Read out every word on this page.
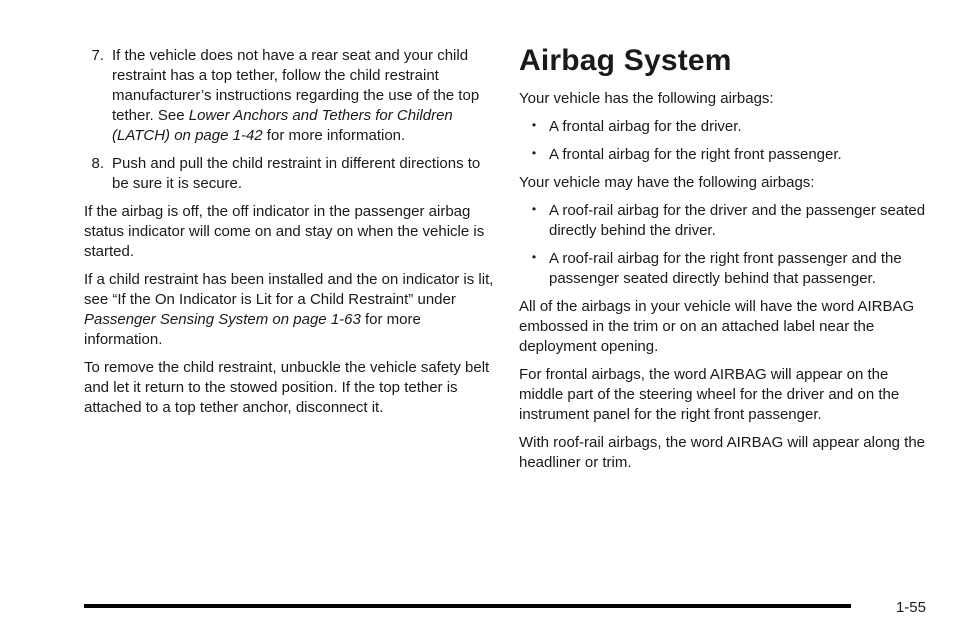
7. If the vehicle does not have a rear seat and your child restraint has a top tether, follow the child restraint manufacturer’s instructions regarding the use of the top tether. See Lower Anchors and Tethers for Children (LATCH) on page 1-42 for more information.
8. Push and pull the child restraint in different directions to be sure it is secure.

If the airbag is off, the off indicator in the passenger airbag status indicator will come on and stay on when the vehicle is started.

If a child restraint has been installed and the on indicator is lit, see “If the On Indicator is Lit for a Child Restraint” under Passenger Sensing System on page 1-63 for more information.

To remove the child restraint, unbuckle the vehicle safety belt and let it return to the stowed position. If the top tether is attached to a top tether anchor, disconnect it.

Airbag System

Your vehicle has the following airbags:

• A frontal airbag for the driver.
• A frontal airbag for the right front passenger.

Your vehicle may have the following airbags:

• A roof-rail airbag for the driver and the passenger seated directly behind the driver.
• A roof-rail airbag for the right front passenger and the passenger seated directly behind that passenger.

All of the airbags in your vehicle will have the word AIRBAG embossed in the trim or on an attached label near the deployment opening.

For frontal airbags, the word AIRBAG will appear on the middle part of the steering wheel for the driver and on the instrument panel for the right front passenger.

With roof-rail airbags, the word AIRBAG will appear along the headliner or trim.

1-55
